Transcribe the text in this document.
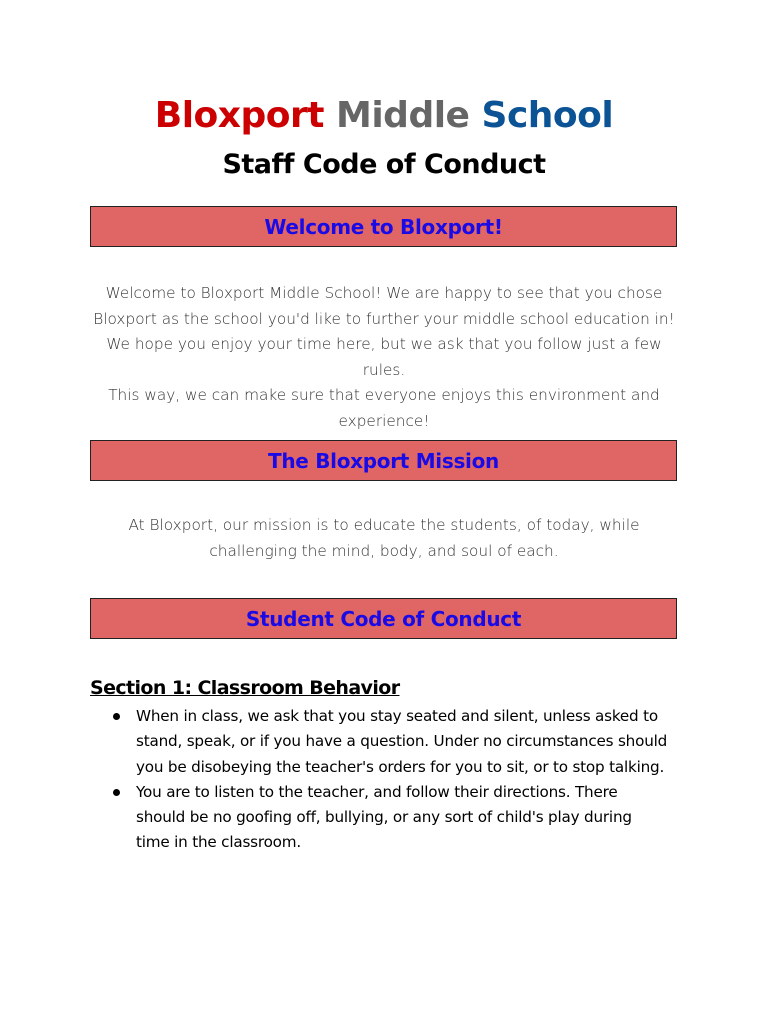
Bloxport Middle School
Staff Code of Conduct
Welcome to Bloxport!

Welcome to Bloxport Middle School! We are happy to see that you chose
Bloxport as the school you'd like to further your middle school education in!
We hope you enjoy your time here, but we ask that you follow just a few rules.
This way, we can make sure that everyone enjoys this environment and
experience!

The Bloxport Mission

At Bloxport, our mission is to educate the students, of today, while
challenging the mind, body, and soul of each.

Student Code of Conduct
Section 1: Classroom Behavior
When in class, we ask that you stay seated and silent, unless asked to
stand, speak, or if you have a question. Under no circumstances should
you be disobeying the teacher's orders for you to sit, or to stop talking.
You are to listen to the teacher, and follow their directions. There
should be no goofing off, bullying, or any sort of child's play during
time in the classroom.
